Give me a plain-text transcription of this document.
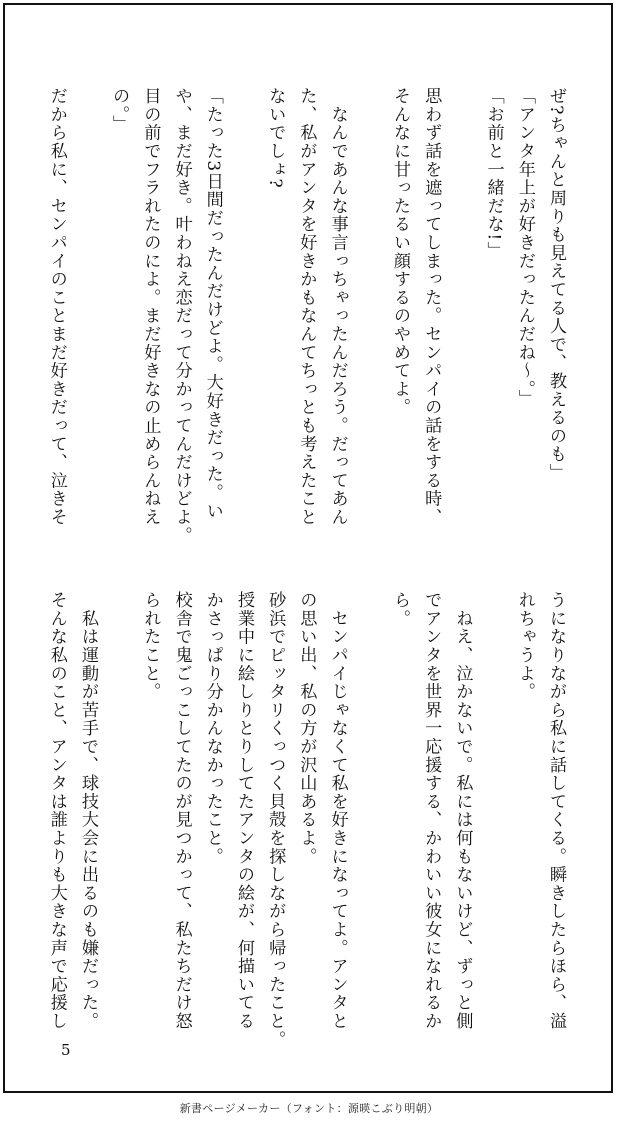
ぜ?ちゃんと周りも見えてる人で、教えるのも」
「アンタ年上が好きだったんだね〜。」
「お前と一緒だな!」
思わず話を遮ってしまった。センパイの話をする時、
そんなに甘ったるい顔するのやめてよ。
　なんであんな事言っちゃったんだろう。だってあん
た、私がアンタを好きかもなんてちっとも考えたこと
ないでしょ?
「たった3日間だったんだけどよ。大好きだった。い
や、まだ好き。叶わねえ恋だって分かってんだけどよ。
目の前でフラれたのによ。まだ好きなの止めらんねえ
の。」
だから私に、センパイのことまだ好きだって、泣きそ
うになりながら私に話してくる。瞬きしたらほら、溢
れちゃうよ。
　ねえ、泣かないで。私には何もないけど、ずっと側
でアンタを世界一応援する、かわいい彼女になれるか
ら。
　センパイじゃなくて私を好きになってよ。アンタと
の思い出、私の方が沢山あるよ。
砂浜でピッタリくっつく貝殻を探しながら帰ったこと。
授業中に絵しりとりしてたアンタの絵が、何描いてる
かさっぱり分かんなかったこと。
校舎で鬼ごっこしてたのが見つかって、私たちだけ怒
られたこと。
　私は運動が苦手で、球技大会に出るのも嫌だった。
そんな私のこと、アンタは誰よりも大きな声で応援し
5
新書ページメーカー（フォント：源暎こぶり明朝）
